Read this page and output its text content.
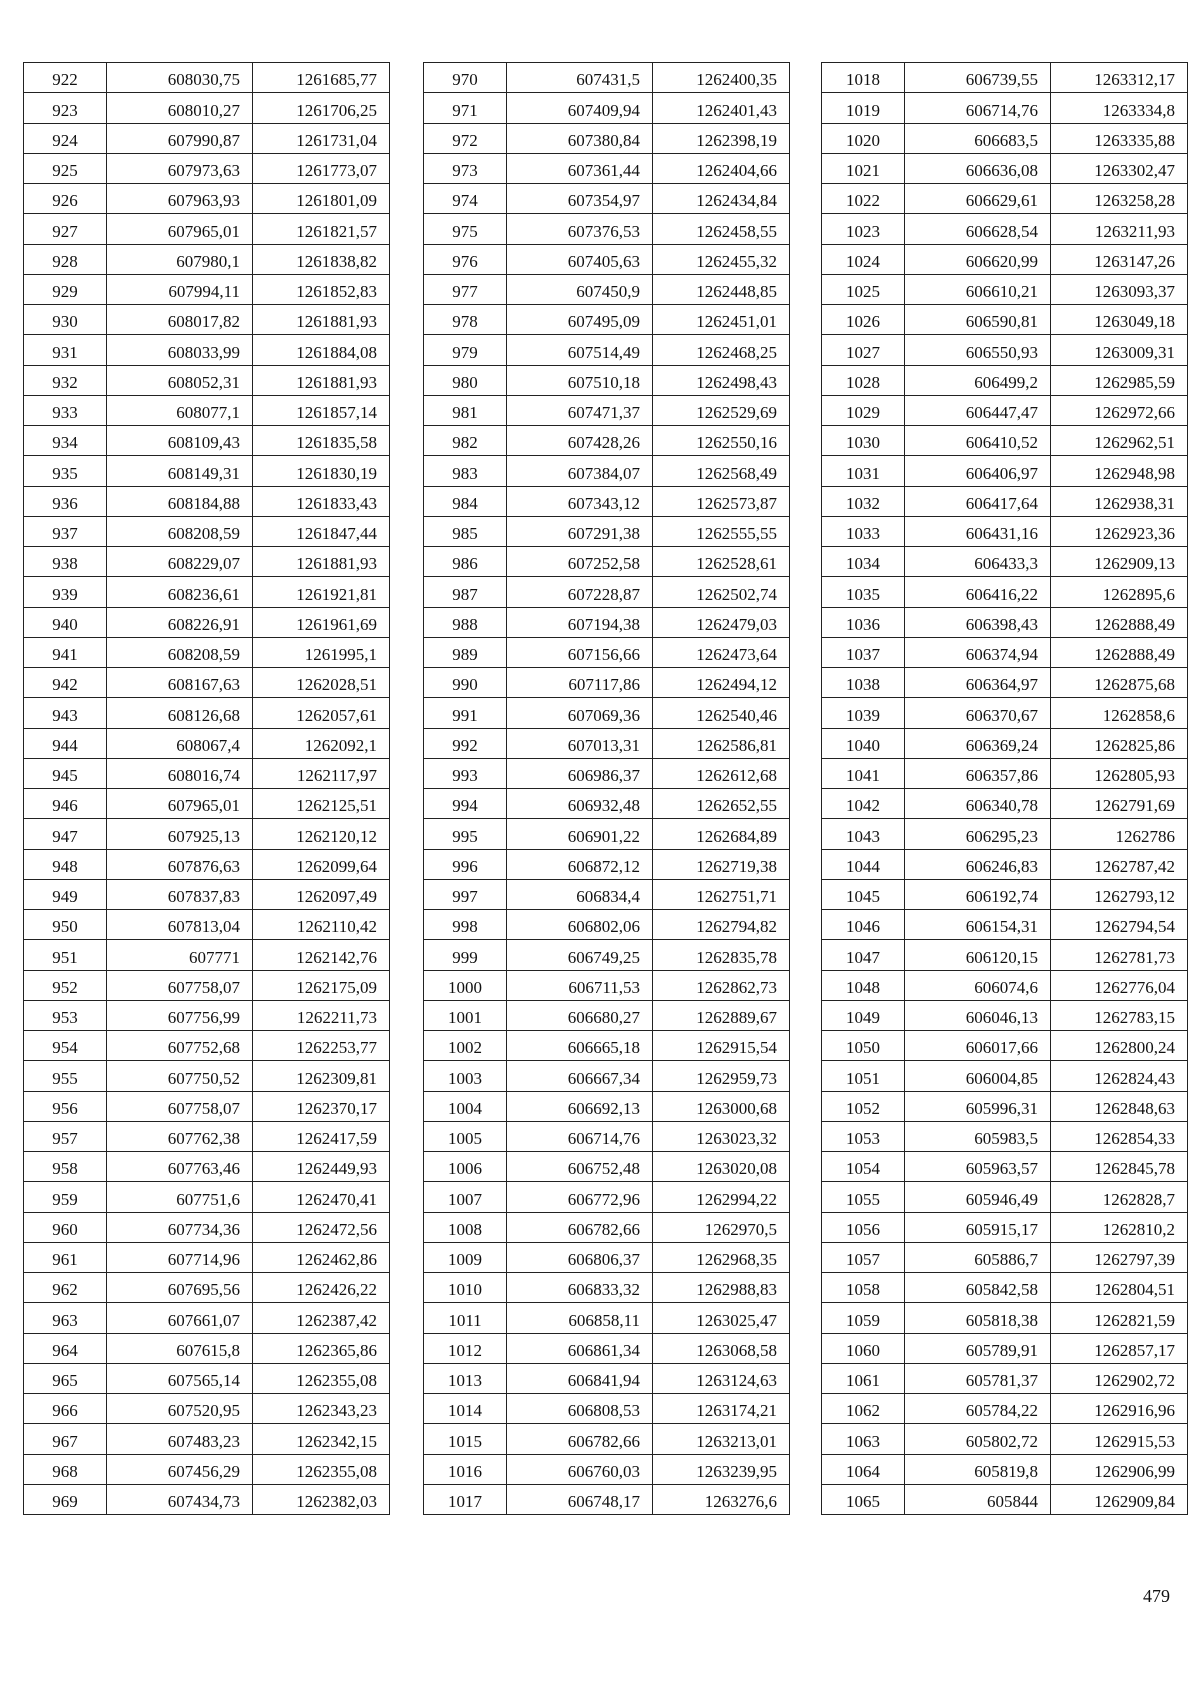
922	608030,75	1261685,77
923	608010,27	1261706,25
924	607990,87	1261731,04
925	607973,63	1261773,07
926	607963,93	1261801,09
927	607965,01	1261821,57
928	607980,1	1261838,82
929	607994,11	1261852,83
930	608017,82	1261881,93
931	608033,99	1261884,08
932	608052,31	1261881,93
933	608077,1	1261857,14
934	608109,43	1261835,58
935	608149,31	1261830,19
936	608184,88	1261833,43
937	608208,59	1261847,44
938	608229,07	1261881,93
939	608236,61	1261921,81
940	608226,91	1261961,69
941	608208,59	1261995,1
942	608167,63	1262028,51
943	608126,68	1262057,61
944	608067,4	1262092,1
945	608016,74	1262117,97
946	607965,01	1262125,51
947	607925,13	1262120,12
948	607876,63	1262099,64
949	607837,83	1262097,49
950	607813,04	1262110,42
951	607771	1262142,76
952	607758,07	1262175,09
953	607756,99	1262211,73
954	607752,68	1262253,77
955	607750,52	1262309,81
956	607758,07	1262370,17
957	607762,38	1262417,59
958	607763,46	1262449,93
959	607751,6	1262470,41
960	607734,36	1262472,56
961	607714,96	1262462,86
962	607695,56	1262426,22
963	607661,07	1262387,42
964	607615,8	1262365,86
965	607565,14	1262355,08
966	607520,95	1262343,23
967	607483,23	1262342,15
968	607456,29	1262355,08
969	607434,73	1262382,03
970	607431,5	1262400,35
971	607409,94	1262401,43
972	607380,84	1262398,19
973	607361,44	1262404,66
974	607354,97	1262434,84
975	607376,53	1262458,55
976	607405,63	1262455,32
977	607450,9	1262448,85
978	607495,09	1262451,01
979	607514,49	1262468,25
980	607510,18	1262498,43
981	607471,37	1262529,69
982	607428,26	1262550,16
983	607384,07	1262568,49
984	607343,12	1262573,87
985	607291,38	1262555,55
986	607252,58	1262528,61
987	607228,87	1262502,74
988	607194,38	1262479,03
989	607156,66	1262473,64
990	607117,86	1262494,12
991	607069,36	1262540,46
992	607013,31	1262586,81
993	606986,37	1262612,68
994	606932,48	1262652,55
995	606901,22	1262684,89
996	606872,12	1262719,38
997	606834,4	1262751,71
998	606802,06	1262794,82
999	606749,25	1262835,78
1000	606711,53	1262862,73
1001	606680,27	1262889,67
1002	606665,18	1262915,54
1003	606667,34	1262959,73
1004	606692,13	1263000,68
1005	606714,76	1263023,32
1006	606752,48	1263020,08
1007	606772,96	1262994,22
1008	606782,66	1262970,5
1009	606806,37	1262968,35
1010	606833,32	1262988,83
1011	606858,11	1263025,47
1012	606861,34	1263068,58
1013	606841,94	1263124,63
1014	606808,53	1263174,21
1015	606782,66	1263213,01
1016	606760,03	1263239,95
1017	606748,17	1263276,6
1018	606739,55	1263312,17
1019	606714,76	1263334,8
1020	606683,5	1263335,88
1021	606636,08	1263302,47
1022	606629,61	1263258,28
1023	606628,54	1263211,93
1024	606620,99	1263147,26
1025	606610,21	1263093,37
1026	606590,81	1263049,18
1027	606550,93	1263009,31
1028	606499,2	1262985,59
1029	606447,47	1262972,66
1030	606410,52	1262962,51
1031	606406,97	1262948,98
1032	606417,64	1262938,31
1033	606431,16	1262923,36
1034	606433,3	1262909,13
1035	606416,22	1262895,6
1036	606398,43	1262888,49
1037	606374,94	1262888,49
1038	606364,97	1262875,68
1039	606370,67	1262858,6
1040	606369,24	1262825,86
1041	606357,86	1262805,93
1042	606340,78	1262791,69
1043	606295,23	1262786
1044	606246,83	1262787,42
1045	606192,74	1262793,12
1046	606154,31	1262794,54
1047	606120,15	1262781,73
1048	606074,6	1262776,04
1049	606046,13	1262783,15
1050	606017,66	1262800,24
1051	606004,85	1262824,43
1052	605996,31	1262848,63
1053	605983,5	1262854,33
1054	605963,57	1262845,78
1055	605946,49	1262828,7
1056	605915,17	1262810,2
1057	605886,7	1262797,39
1058	605842,58	1262804,51
1059	605818,38	1262821,59
1060	605789,91	1262857,17
1061	605781,37	1262902,72
1062	605784,22	1262916,96
1063	605802,72	1262915,53
1064	605819,8	1262906,99
1065	605844	1262909,84
479
